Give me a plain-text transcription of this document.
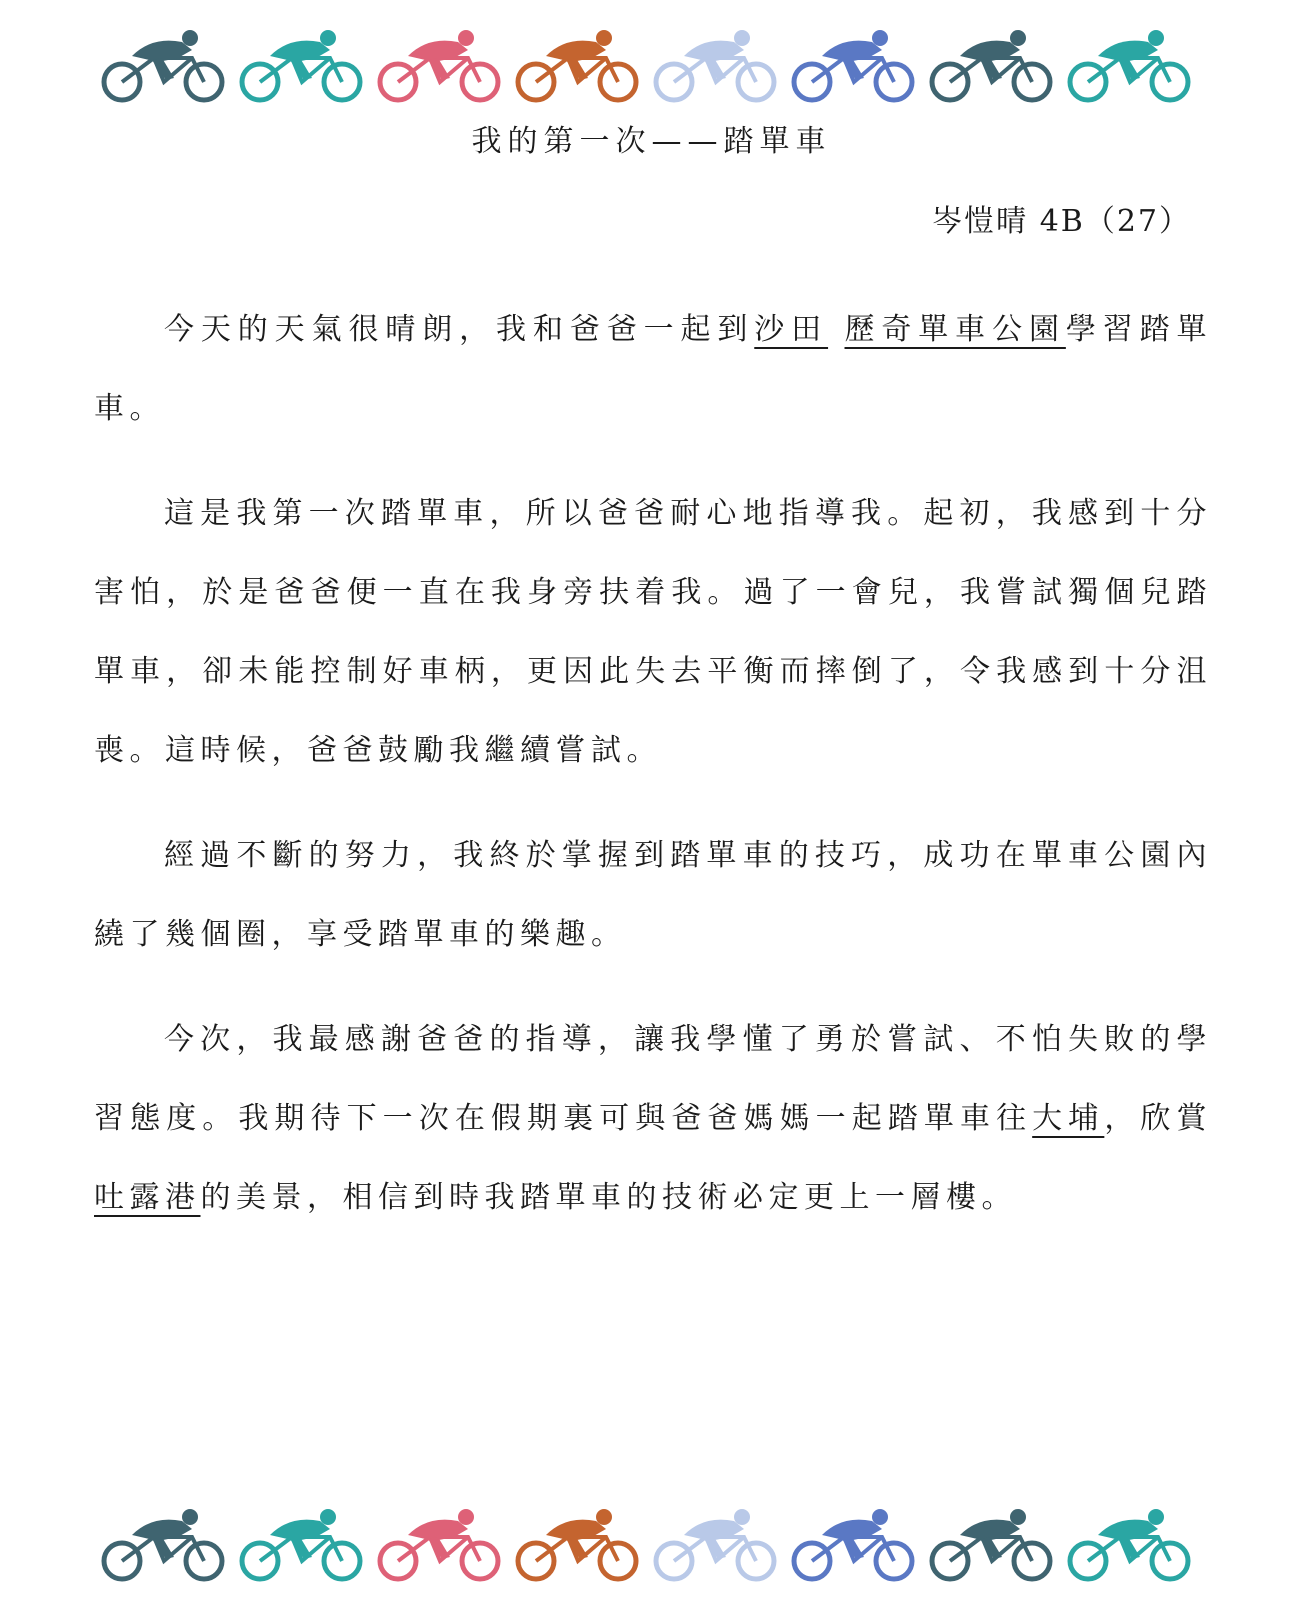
我的第一次——踏單車
岑愷晴 4B（27）

今天的天氣很晴朗，我和爸爸一起到沙田 歷奇單車公園學習踏單車。

這是我第一次踏單車，所以爸爸耐心地指導我。起初，我感到十分害怕，於是爸爸便一直在我身旁扶着我。過了一會兒，我嘗試獨個兒踏單車，卻未能控制好車柄，更因此失去平衡而摔倒了，令我感到十分沮喪。這時候，爸爸鼓勵我繼續嘗試。

經過不斷的努力，我終於掌握到踏單車的技巧，成功在單車公園內繞了幾個圈，享受踏單車的樂趣。

今次，我最感謝爸爸的指導，讓我學懂了勇於嘗試、不怕失敗的學習態度。我期待下一次在假期裏可與爸爸媽媽一起踏單車往大埔，欣賞吐露港的美景，相信到時我踏單車的技術必定更上一層樓。
